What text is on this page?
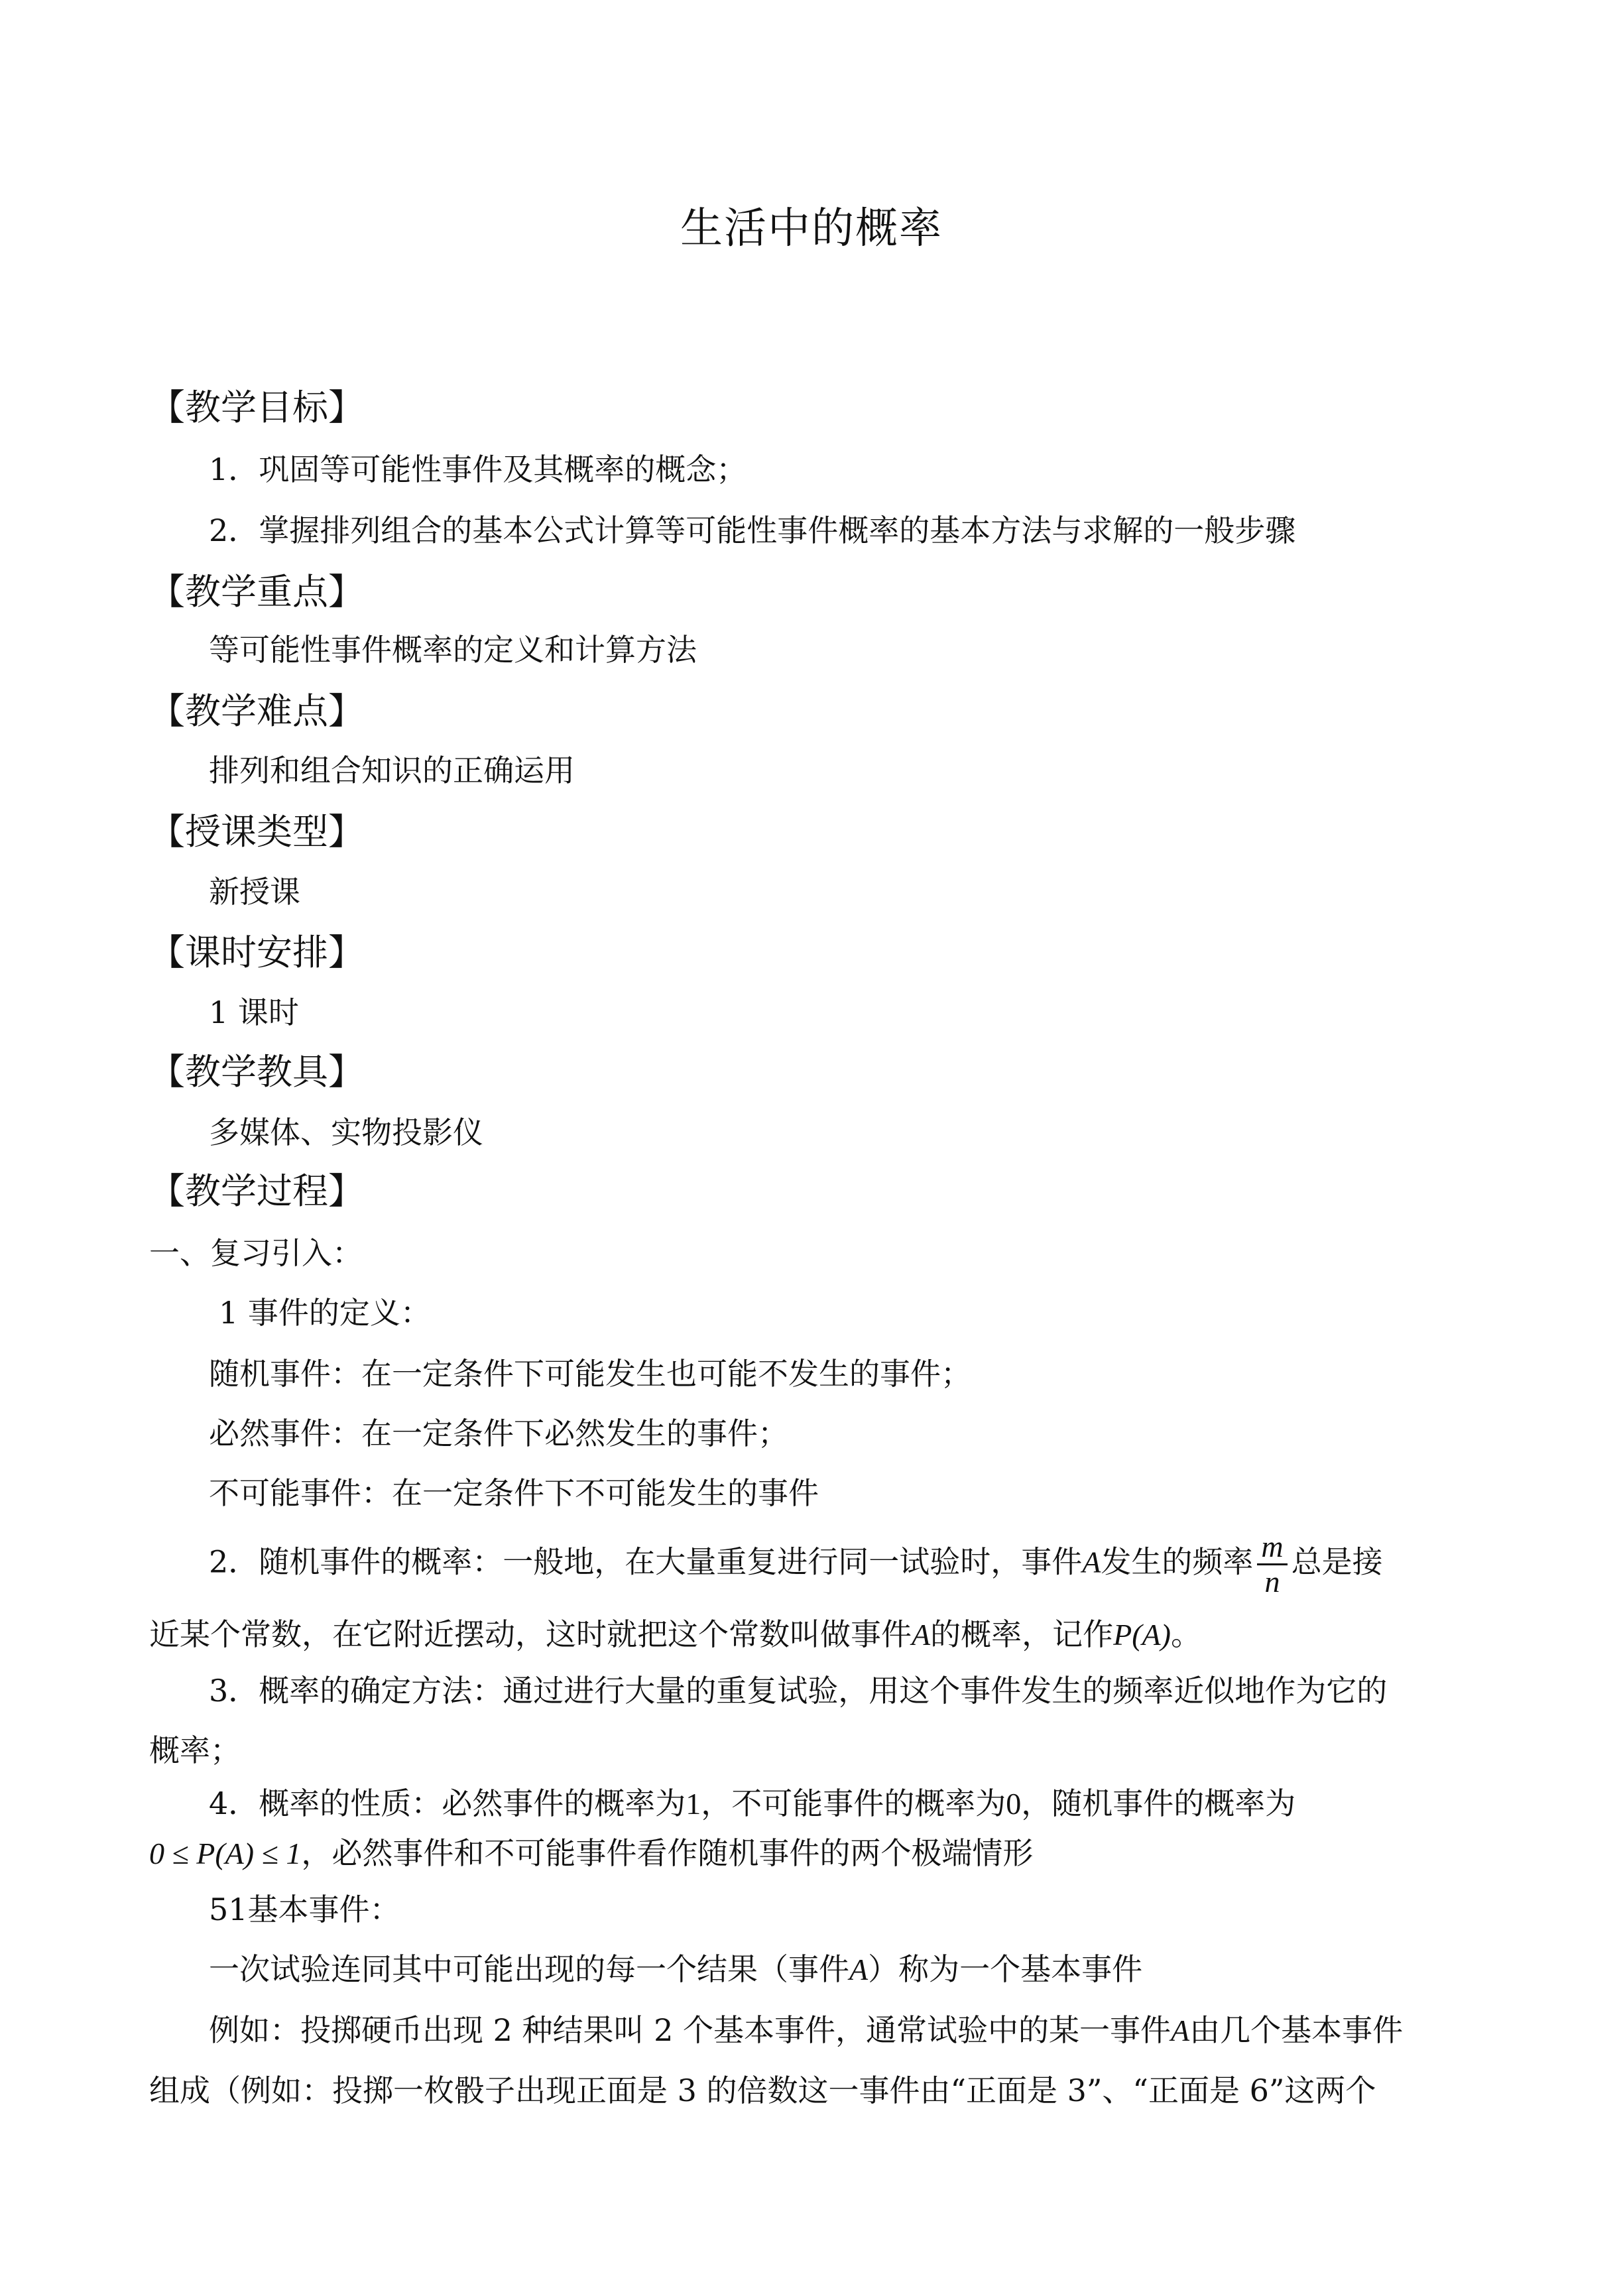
生活中的概率
【教学目标】
1．巩固等可能性事件及其概率的概念；
2．掌握排列组合的基本公式计算等可能性事件概率的基本方法与求解的一般步骤
【教学重点】
等可能性事件概率的定义和计算方法
【教学难点】
排列和组合知识的正确运用
【授课类型】
新授课
【课时安排】
1 课时
【教学教具】
多媒体、实物投影仪
【教学过程】
一、复习引入：
1 事件的定义：
随机事件：在一定条件下可能发生也可能不发生的事件；
必然事件：在一定条件下必然发生的事件；
不可能事件：在一定条件下不可能发生的事件
2．随机事件的概率：一般地，在大量重复进行同一试验时，事件A发生的频率 $\frac{m}{n}$ 总是接
近某个常数，在它附近摆动，这时就把这个常数叫做事件A的概率，记作P(A)。
3．概率的确定方法：通过进行大量的重复试验，用这个事件发生的频率近似地作为它的
概率；
4．概率的性质：必然事件的概率为1，不可能事件的概率为0，随机事件的概率为
0 ≤ P(A) ≤ 1，必然事件和不可能事件看作随机事件的两个极端情形
51基本事件：
一次试验连同其中可能出现的每一个结果（事件A）称为一个基本事件
例如：投掷硬币出现 2 种结果叫 2 个基本事件，通常试验中的某一事件A由几个基本事件
组成（例如：投掷一枚骰子出现正面是 3 的倍数这一事件由“正面是 3”、“正面是 6”这两个
